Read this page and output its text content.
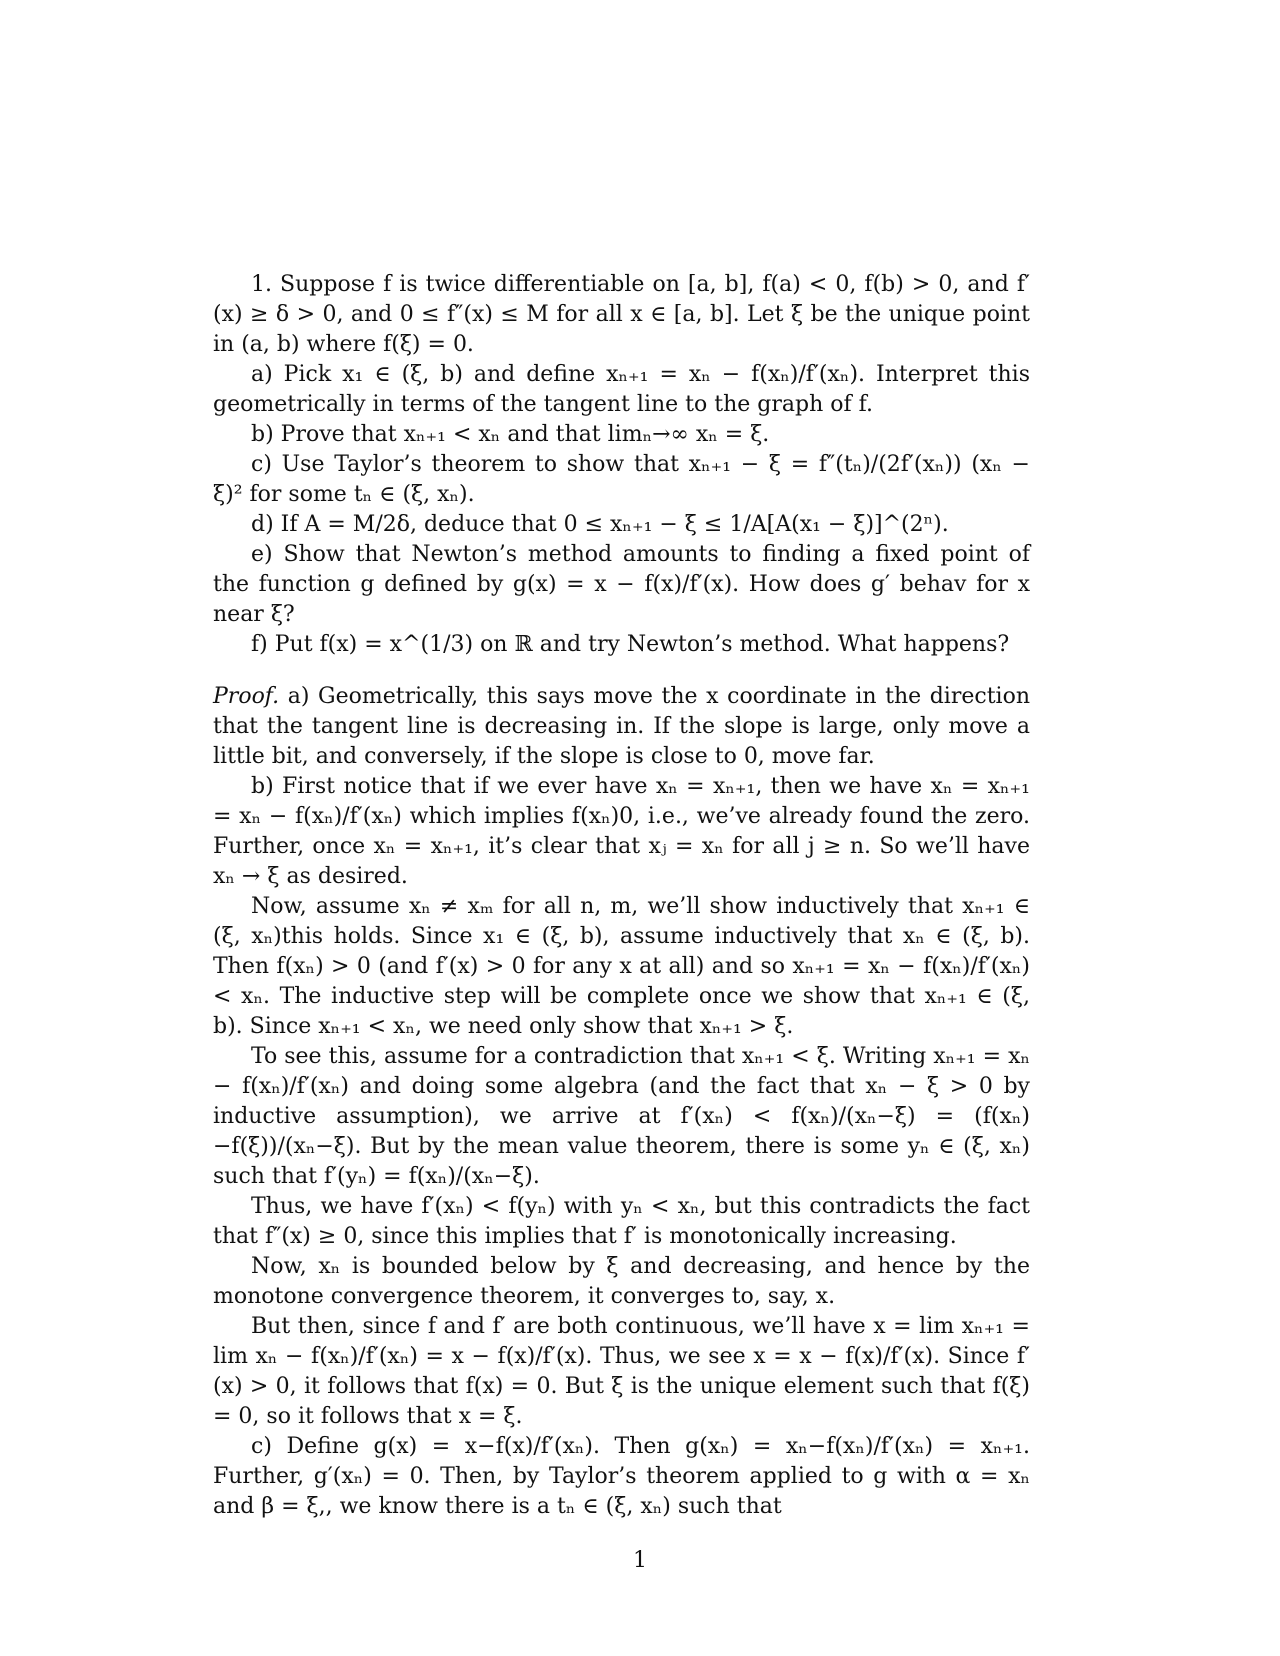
1. Suppose f is twice differentiable on [a, b], f(a) < 0, f(b) > 0, and f′(x) ≥ δ > 0, and 0 ≤ f″(x) ≤ M for all x ∈ [a, b]. Let ξ be the unique point in (a, b) where f(ξ) = 0.

a) Pick x₁ ∈ (ξ, b) and define xₙ₊₁ = xₙ − f(xₙ)/f′(xₙ). Interpret this geometrically in terms of the tangent line to the graph of f.

b) Prove that xₙ₊₁ < xₙ and that limₙ→∞ xₙ = ξ.

c) Use Taylor’s theorem to show that xₙ₊₁ − ξ = f″(tₙ)/(2f′(xₙ)) (xₙ − ξ)² for some tₙ ∈ (ξ, xₙ).

d) If A = M/2δ, deduce that 0 ≤ xₙ₊₁ − ξ ≤ 1/A[A(x₁ − ξ)]^(2ⁿ).

e) Show that Newton’s method amounts to finding a fixed point of the function g defined by g(x) = x − f(x)/f′(x). How does g′ behav for x near ξ?

f) Put f(x) = x^(1/3) on ℝ and try Newton’s method. What happens?

Proof. a) Geometrically, this says move the x coordinate in the direction that the tangent line is decreasing in. If the slope is large, only move a little bit, and conversely, if the slope is close to 0, move far.

b) First notice that if we ever have xₙ = xₙ₊₁, then we have xₙ = xₙ₊₁ = xₙ − f(xₙ)/f′(xₙ) which implies f(xₙ)0, i.e., we’ve already found the zero. Further, once xₙ = xₙ₊₁, it’s clear that xⱼ = xₙ for all j ≥ n. So we’ll have xₙ → ξ as desired.

Now, assume xₙ ≠ xₘ for all n, m, we’ll show inductively that xₙ₊₁ ∈ (ξ, xₙ)this holds. Since x₁ ∈ (ξ, b), assume inductively that xₙ ∈ (ξ, b). Then f(xₙ) > 0 (and f′(x) > 0 for any x at all) and so xₙ₊₁ = xₙ − f(xₙ)/f′(xₙ) < xₙ. The inductive step will be complete once we show that xₙ₊₁ ∈ (ξ, b). Since xₙ₊₁ < xₙ, we need only show that xₙ₊₁ > ξ.

To see this, assume for a contradiction that xₙ₊₁ < ξ. Writing xₙ₊₁ = xₙ − f(xₙ)/f′(xₙ) and doing some algebra (and the fact that xₙ − ξ > 0 by inductive assumption), we arrive at f′(xₙ) < f(xₙ)/(xₙ−ξ) = (f(xₙ)−f(ξ))/(xₙ−ξ). But by the mean value theorem, there is some yₙ ∈ (ξ, xₙ) such that f′(yₙ) = f(xₙ)/(xₙ−ξ).

Thus, we have f′(xₙ) < f(yₙ) with yₙ < xₙ, but this contradicts the fact that f″(x) ≥ 0, since this implies that f′ is monotonically increasing.

Now, xₙ is bounded below by ξ and decreasing, and hence by the monotone convergence theorem, it converges to, say, x.

But then, since f and f′ are both continuous, we’ll have x = lim xₙ₊₁ = lim xₙ − f(xₙ)/f′(xₙ) = x − f(x)/f′(x). Thus, we see x = x − f(x)/f′(x). Since f′(x) > 0, it follows that f(x) = 0. But ξ is the unique element such that f(ξ) = 0, so it follows that x = ξ.

c) Define g(x) = x−f(x)/f′(xₙ). Then g(xₙ) = xₙ−f(xₙ)/f′(xₙ) = xₙ₊₁. Further, g′(xₙ) = 0. Then, by Taylor’s theorem applied to g with α = xₙ and β = ξ,, we know there is a tₙ ∈ (ξ, xₙ) such that

1
